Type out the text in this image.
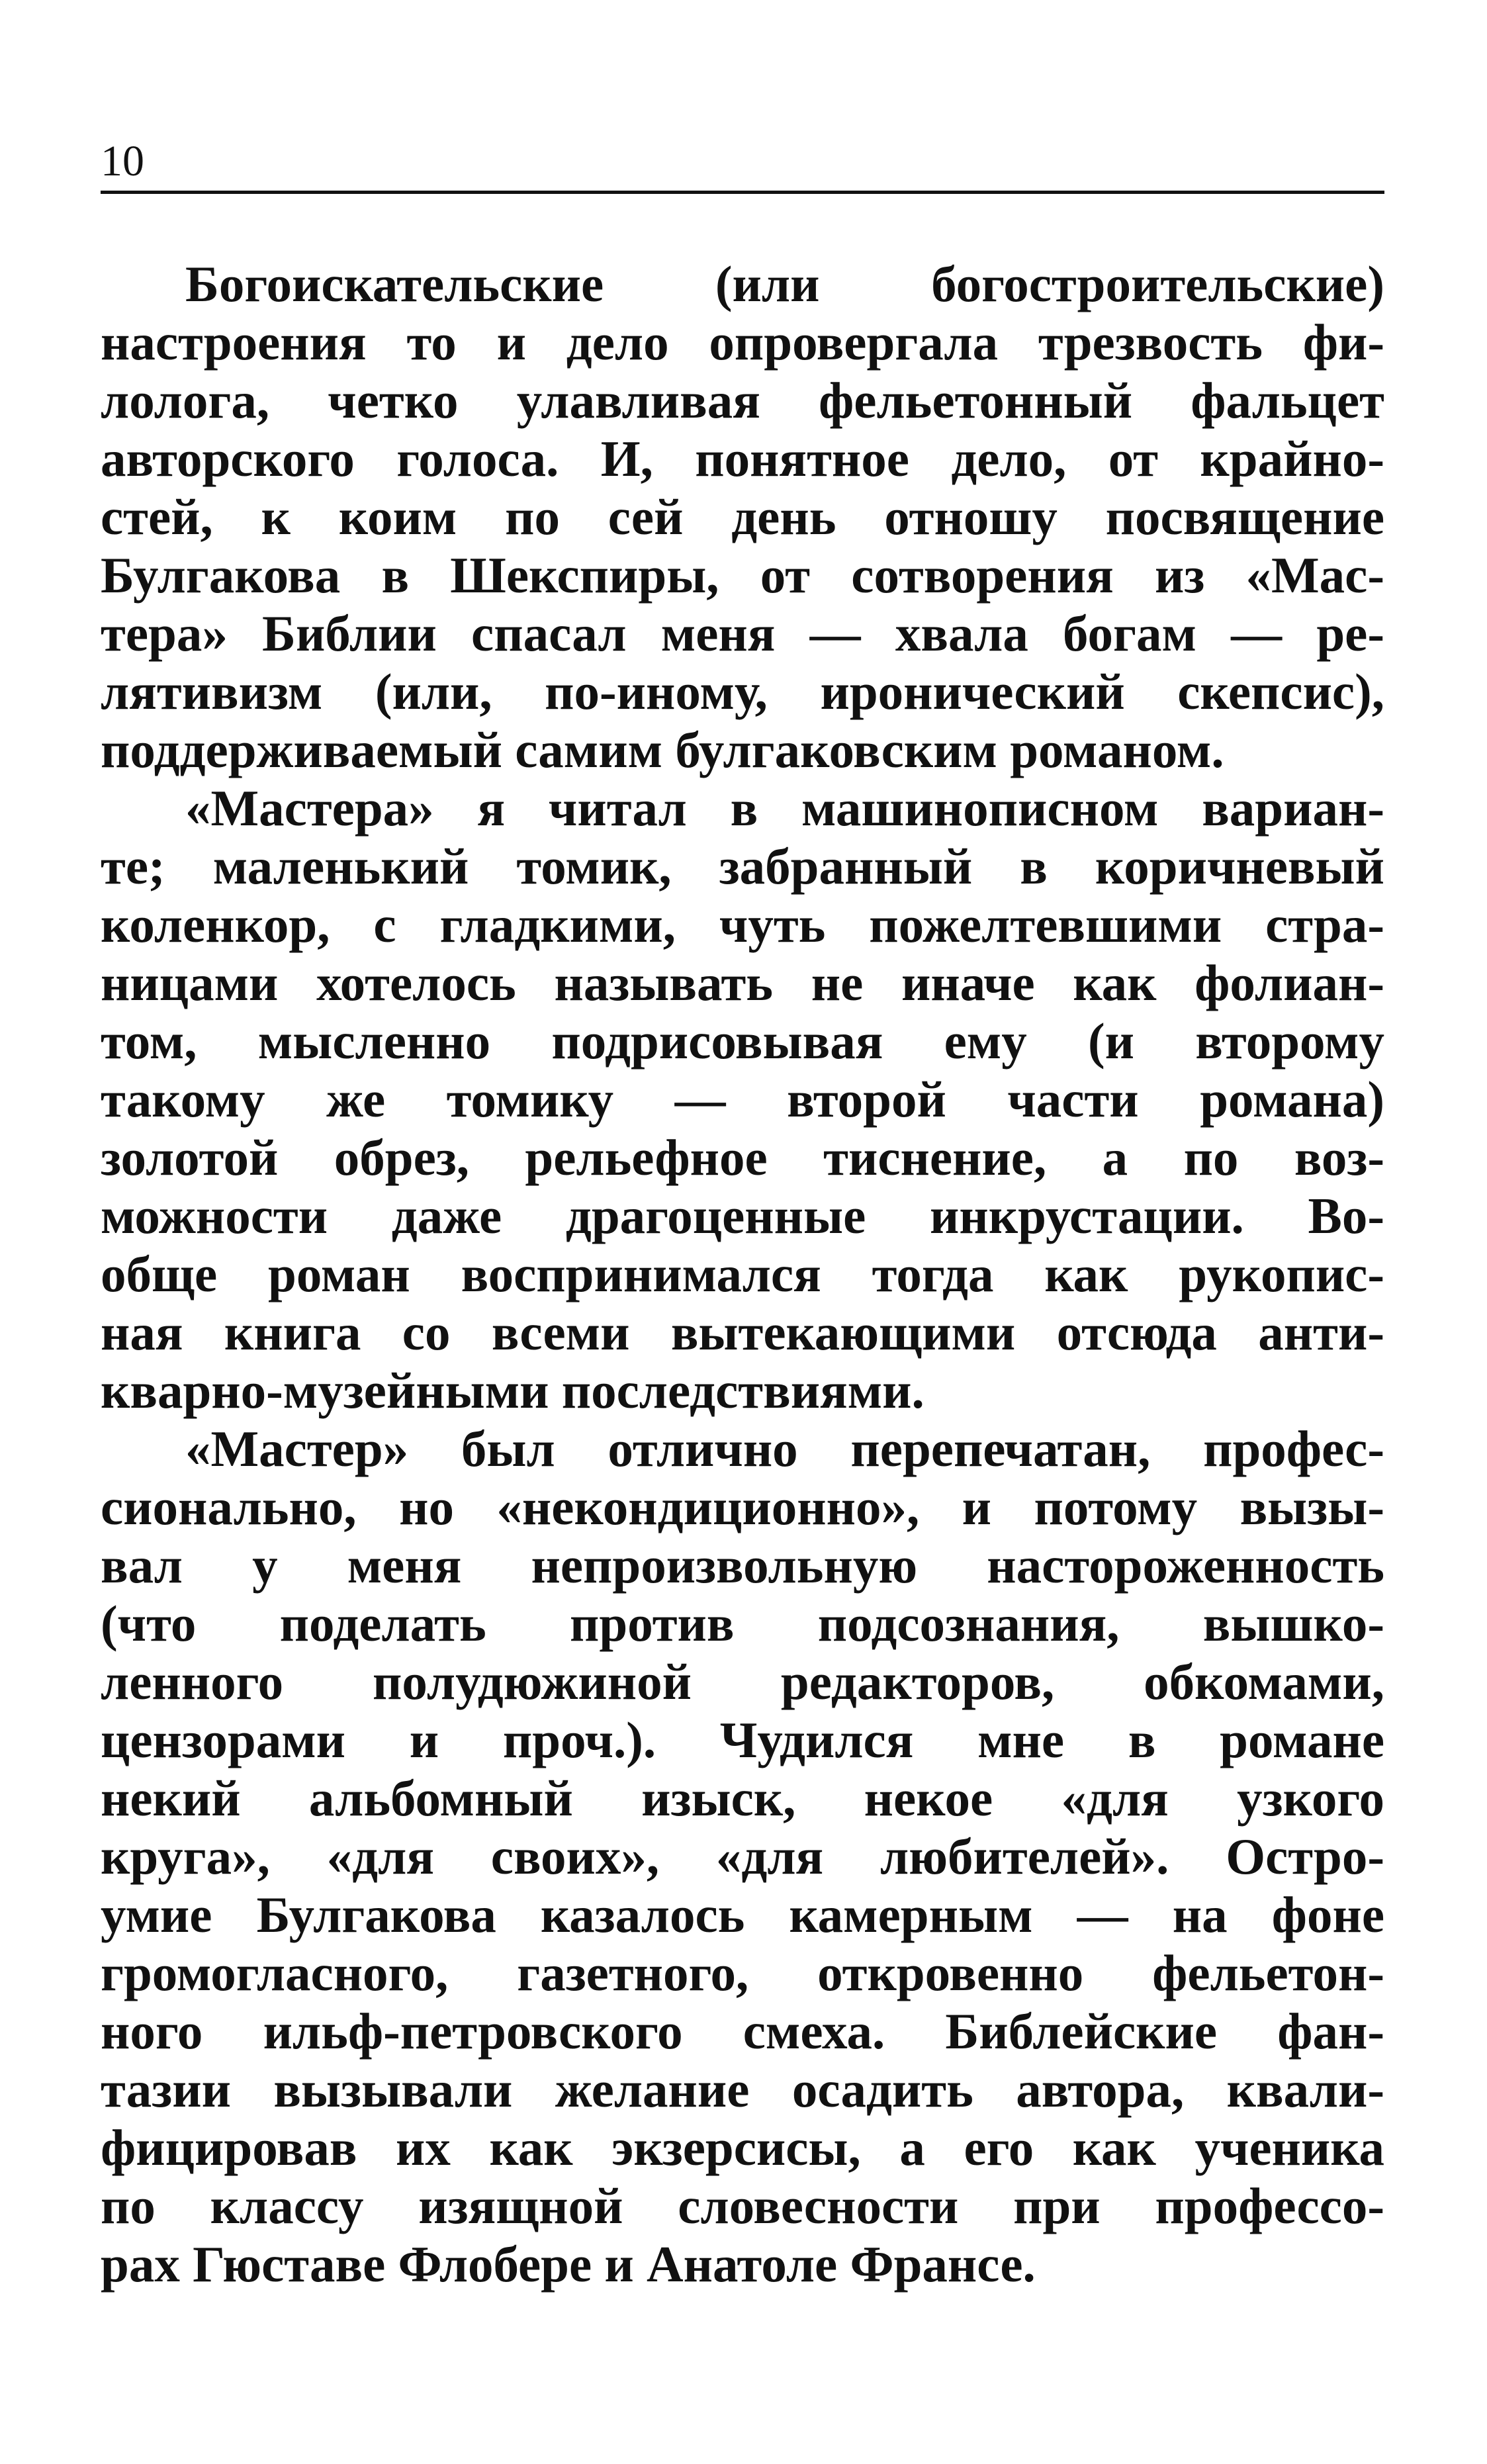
10
Богоискательские (или богостроительские)
настроения то и дело опровергала трезвость фи-
лолога, четко улавливая фельетонный фальцет
авторского голоса. И, понятное дело, от крайно-
стей, к коим по сей день отношу посвящение
Булгакова в Шекспиры, от сотворения из «Мас-
тера» Библии спасал меня — хвала богам — ре-
лятивизм (или, по-иному, иронический скепсис),
поддерживаемый самим булгаковским романом.
«Мастера» я читал в машинописном вариан-
те; маленький томик, забранный в коричневый
коленкор, с гладкими, чуть пожелтевшими стра-
ницами хотелось называть не иначе как фолиан-
том, мысленно подрисовывая ему (и второму
такому же томику — второй части романа)
золотой обрез, рельефное тиснение, а по воз-
можности даже драгоценные инкрустации. Во-
обще роман воспринимался тогда как рукопис-
ная книга со всеми вытекающими отсюда анти-
кварно-музейными последствиями.
«Мастер» был отлично перепечатан, профес-
сионально, но «некондиционно», и потому вызы-
вал у меня непроизвольную настороженность
(что поделать против подсознания, вышко-
ленного полудюжиной редакторов, обкомами,
цензорами и проч.). Чудился мне в романе
некий альбомный изыск, некое «для узкого
круга», «для своих», «для любителей». Остро-
умие Булгакова казалось камерным — на фоне
громогласного, газетного, откровенно фельетон-
ного ильф-петровского смеха. Библейские фан-
тазии вызывали желание осадить автора, квали-
фицировав их как экзерсисы, а его как ученика
по классу изящной словесности при профессо-
рах Гюставе Флобере и Анатоле Франсе.
